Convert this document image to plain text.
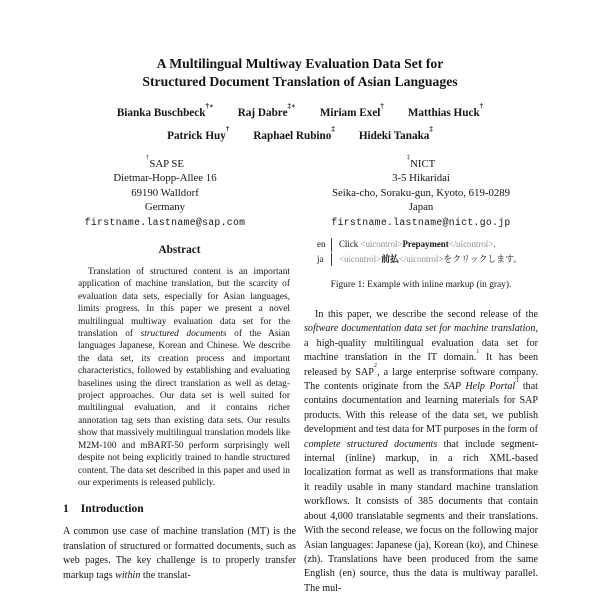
A Multilingual Multiway Evaluation Data Set for
Structured Document Translation of Asian Languages
Bianka Buschbeck†∗
Raj Dabre‡∗
Miriam Exel†
Matthias Huck†
Patrick Huy†
Raphael Rubino‡
Hideki Tanaka‡
†SAP SE
Dietmar-Hopp-Allee 16
69190 Walldorf
Germany
firstname.lastname@sap.com
‡NICT
3-5 Hikaridai
Seika-cho, Soraku-gun, Kyoto, 619-0289
Japan
firstname.lastname@nict.go.jp
Abstract

Translation of structured content is an important application of machine translation, but the scarcity of evaluation data sets, especially for Asian languages, limits progress. In this paper we present a novel multilingual multiway evaluation data set for the translation of structured documents of the Asian languages Japanese, Korean and Chinese. We describe the data set, its creation process and important characteristics, followed by establishing and evaluating baselines using the direct translation as well as detag-project approaches. Our data set is well suited for multilingual evaluation, and it contains richer annotation tag sets than existing data sets. Our results show that massively multilingual translation models like M2M-100 and mBART-50 perform surprisingly well despite not being explicitly trained to handle structured content. The data set described in this paper and used in our experiments is released publicly.

1 Introduction

A common use case of machine translation (MT) is the translation of structured or formatted documents, such as web pages. The key challenge is to properly transfer markup tags within the translat-

en	Click <uicontrol>Prepayment</uicontrol>.
ja	<uicontrol>前払</uicontrol>をクリックします。
Figure 1: Example with inline markup (in gray).

In this paper, we describe the second release of the software documentation data set for machine translation, a high-quality multilingual evaluation data set for machine translation in the IT domain.$^1$ It has been released by SAP$^2$, a large enterprise software company. The contents originate from the SAP Help Portal$^3$ that contains documentation and learning materials for SAP products. With this release of the data set, we publish development and test data for MT purposes in the form of complete structured documents that include segment-internal (inline) markup, in a rich XML-based localization format as well as transformations that make it readily usable in many standard machine translation workflows. It consists of 385 documents that contain about 4,000 translatable segments and their translations. With the second release, we focus on the following major Asian languages: Japanese (ja), Korean (ko), and Chinese (zh). Translations have been produced from the same English (en) source, thus the data is multiway parallel. The mul-
